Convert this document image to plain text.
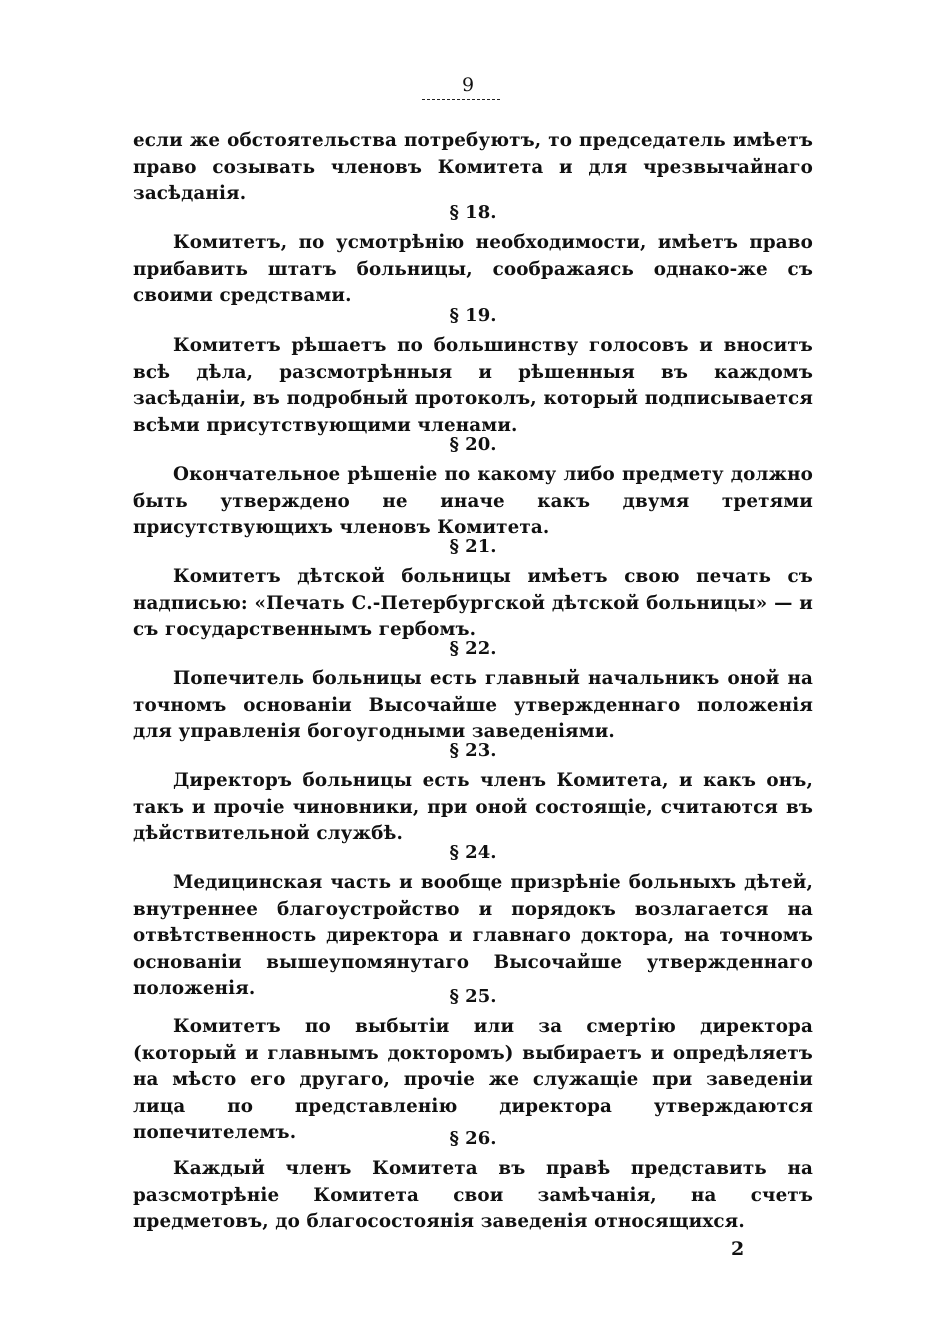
9

если же обстоятельства потребуютъ, то председатель имѣетъ право созывать членовъ Комитета и для чрезвычайнаго засѣданія.

§ 18.

Комитетъ, по усмотрѣнію необходимости, имѣетъ право прибавить штатъ больницы, соображаясь однако-же съ своими средствами.

§ 19.

Комитетъ рѣшаетъ по большинству голосовъ и вноситъ всѣ дѣла, разсмотрѣнныя и рѣшенныя въ каждомъ засѣданіи, въ подробный протоколъ, который подписывается всѣми присутствующими членами.

§ 20.

Окончательное рѣшеніе по какому либо предмету должно быть утверждено не иначе какъ двумя третями присутствующихъ членовъ Комитета.

§ 21.

Комитетъ дѣтской больницы имѣетъ свою печать съ надписью: «Печать С.-Петербургской дѣтской больницы» — и съ государственнымъ гербомъ.

§ 22.

Попечитель больницы есть главный начальникъ оной на точномъ основаніи Высочайше утвержденнаго положенія для управленія богоугодными заведеніями.

§ 23.

Директоръ больницы есть членъ Комитета, и какъ онъ, такъ и прочіе чиновники, при оной состоящіе, считаются въ дѣйствительной службѣ.

§ 24.

Медицинская часть и вообще призрѣніе больныхъ дѣтей, внутреннее благоустройство и порядокъ возлагается на отвѣтственность директора и главнаго доктора, на точномъ основаніи вышеупомянутаго Высочайше утвержденнаго положенія.	§ 25.

Комитетъ по выбытіи или за смертію директора (который и главнымъ докторомъ) выбираетъ и опредѣляетъ на мѣсто его другаго, прочіе же служащіе при заведеніи лица по представленію директора утверждаются попечителемъ.	§ 26.

Каждый членъ Комитета въ правѣ представить на разсмотрѣніе Комитета свои замѣчанія, на счетъ предметовъ, до благосостоянія заведенія относящихся.

2
